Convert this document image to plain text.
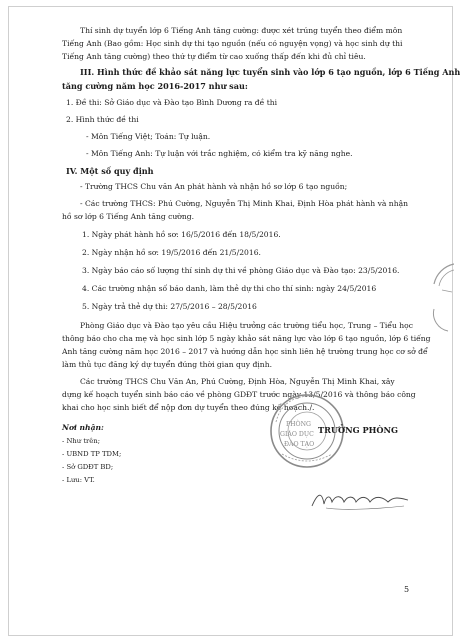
Thí sinh dự tuyển lớp 6 Tiếng Anh tăng cường: được xét trúng tuyển theo điểm môn
Tiếng Anh (Bao gồm: Học sinh dự thi tạo nguồn (nếu có nguyện vọng) và học sinh dự thi
Tiếng Anh tăng cường) theo thứ tự điểm từ cao xuống thấp đến khi đủ chỉ tiêu.
III. Hình thức đề khảo sát năng lực tuyển sinh vào lớp 6 tạo nguồn, lớp 6 Tiếng Anh
tăng cường năm học 2016-2017 như sau:
1. Đề thi: Sở Giáo dục và Đào tạo Bình Dương ra đề thi
2. Hình thức đề thi
- Môn Tiếng Việt; Toán: Tự luận.
- Môn Tiếng Anh: Tự luận với trắc nghiệm, có kiểm tra kỹ năng nghe.
IV. Một số quy định
- Trường THCS Chu văn An phát hành và nhận hồ sơ lớp 6 tạo nguồn;
- Các trường THCS: Phú Cường, Nguyễn Thị Minh Khai, Định Hòa phát hành và nhận
hồ sơ lớp 6 Tiếng Anh tăng cường.
1. Ngày phát hành hồ sơ: 16/5/2016 đến 18/5/2016.
2. Ngày nhận hồ sơ: 19/5/2016 đến 21/5/2016.
3. Ngày báo cáo số lượng thí sinh dự thi về phòng Giáo dục và Đào tạo: 23/5/2016.
4. Các trường nhận số báo danh, làm thẻ dự thi cho thí sinh: ngày 24/5/2016
5. Ngày trả thẻ dự thi: 27/5/2016 – 28/5/2016
Phòng Giáo dục và Đào tạo yêu cầu Hiệu trưởng các trường tiểu học, Trung – Tiểu học
thông báo cho cha mẹ và học sinh lớp 5 ngày khảo sát năng lực vào lớp 6 tạo nguồn, lớp 6 tiếng
Anh tăng cường năm học 2016 – 2017 và hướng dẫn học sinh liên hệ trường trung học cơ sở để
làm thủ tục đăng ký dự tuyển đúng thời gian quy định.
Các trường THCS Chu Văn An, Phú Cường, Định Hòa, Nguyễn Thị Minh Khai, xây
dựng kế hoạch tuyển sinh báo cáo về phòng GDĐT trước ngày 13/5/2016 và thông báo công
khai cho học sinh biết để nộp đơn dự tuyển theo đúng kế hoạch./.
Nơi nhận:
- Như trên;
- UBND TP TDM;
- Sở GDĐT BD;
- Lưu: VT.
PHÒNG
GIÁO DỤC
ĐÀO TẠO
TRƯỞNG PHÒNG
5
